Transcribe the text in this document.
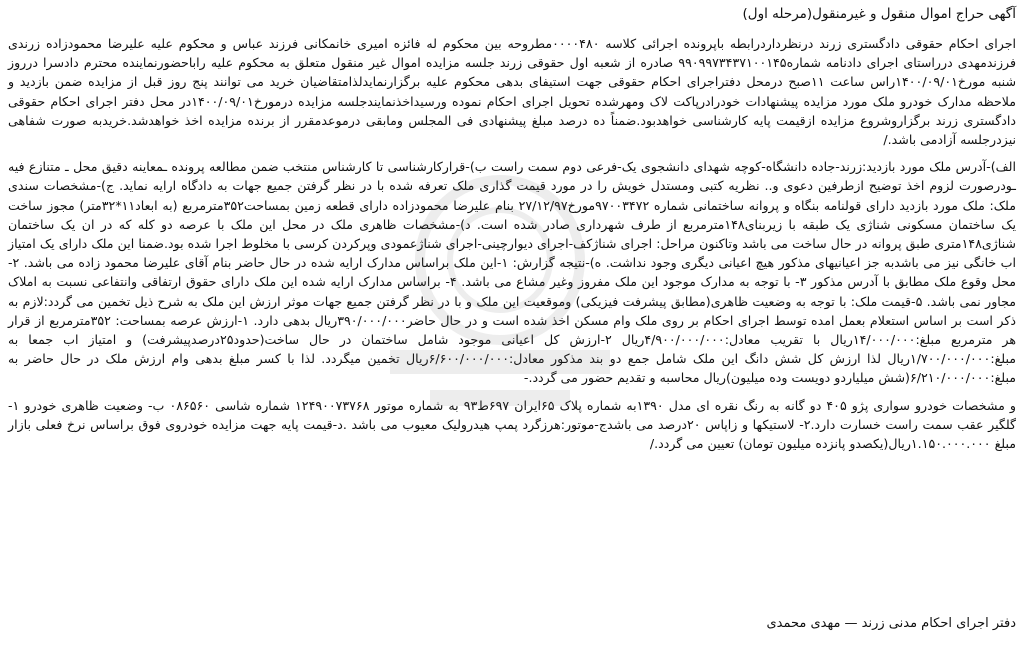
آگهی حراج اموال منقول و غیرمنقول(مرحله اول)

اجرای احکام حقوقی دادگستری زرند درنظرداردرابطه باپرونده اجرائی کلاسه ۰۰۰۰۴۸۰مطروحه بین محکوم له فائزه امیری خانمکانی فرزند عباس و محکوم علیه علیرضا محمودزاده زرندی فرزندمهدی درراستای اجرای دادنامه شماره۹۹۰۹۹۷۳۴۳۷۱۰۰۱۴۵ صادره از شعبه اول حقوقی زرند جلسه مزایده اموال غیر منقول متعلق به محکوم علیه راباحضورنماینده محترم دادسرا درروز شنبه مورخ۱۴۰۰/۰۹/۰۱راس ساعت ۱۱صبح درمحل دفتراجرای احکام حقوقی جهت استیفای بدهی محکوم علیه برگزارنمایدلذامتقاضیان خرید می توانند پنج روز قبل از مزایده ضمن بازدید و ملاحظه مدارک خودرو ملک مورد مزایده پیشنهادات خودرادرپاکت لاک ومهرشده تحویل اجرای احکام نموده ورسیداخذنمایندجلسه مزایده درمورخ۱۴۰۰/۰۹/۰۱در محل دفتر اجرای احکام حقوقی دادگستری زرند برگزاروشروع مزایده ازقیمت پایه کارشناسی خواهدبود.ضمناً ده درصد مبلغ پیشنهادی فی المجلس ومابقی درموعدمقرر از برنده مزایده اخذ خواهدشد.خریدبه صورت شفاهی نیزدرجلسه آزادمی باشد./

الف)-آدرس ملک مورد بازدید:زرند-جاده دانشگاه-کوچه شهدای دانشجوی یک-فرعی دوم سمت راست ب)-قرارکارشناسی تا کارشناس منتخب ضمن مطالعه پرونده ـمعاینه دقیق محل ـ متنازع فیه ـودرصورت لزوم اخذ توضیح ازطرفین دعوی و.. نظریه کتبی ومستدل خویش را در مورد قیمت گذاری ملک تعرفه شده با در نظر گرفتن جمیع جهات به دادگاه ارایه نماید. ج)-مشخصات سندی ملک: ملک مورد بازدید دارای قولنامه بنگاه و پروانه ساختمانی شماره ۹۷۰۰۳۴۷۲مورخ۲۷/۱۲/۹۷ بنام علیرضا محمودزاده دارای قطعه زمین بمساحت۳۵۲مترمربع (به ابعاد۱۱*۳۲متر) مجوز ساخت یک ساختمان مسکونی شناژی یک طبقه با زیربنای۱۴۸مترمربع از طرف شهرداری صادر شده است. د)-مشخصات ظاهری ملک در محل این ملک با عرصه دو کله که در ان یک ساختمان شناژی۱۴۸متری طبق پروانه در حال ساخت می باشد وتاکنون مراحل: اجرای شناژکف-اجرای دیوارچینی-اجرای شناژعمودی وپرکردن کرسی با مخلوط اجرا شده بود.ضمنا این ملک دارای یک امتیاز اب خانگی نیز می باشدبه جز اعیانیهای مذکور هیچ اعیانی دیگری وجود نداشت. ه)-نتیجه گزارش: ۱-این ملک براساس مدارک ارایه شده در حال حاضر بنام آقای علیرضا محمود زاده می باشد. ۲-محل وقوع ملک مطابق با آدرس مذکور ۳- با توجه به مدارک موجود این ملک مفروز وغیر مشاع می باشد. ۴- براساس مدارک ارایه شده این ملک دارای حقوق ارتفاقی وانتفاعی نسبت به املاک مجاور نمی باشد. ۵-قیمت ملک: با توجه به وضعیت ظاهری(مطابق پیشرفت فیزیکی) وموقعیت این ملک و با در نظر گرفتن جمیع جهات موثر ارزش این ملک به شرح ذیل تخمین می گردد:لازم به ذکر است بر اساس استعلام بعمل امده توسط اجرای احکام بر روی ملک وام مسکن اخذ شده است و در حال حاضر۳۹۰/۰۰۰/۰۰۰ریال بدهی دارد. ۱-ارزش عرصه بمساحت: ۳۵۲مترمربع از قرار هر مترمربع مبلغ:۱۴/۰۰۰/۰۰۰ریال با تقریب معادل:۴/۹۰۰/۰۰۰/۰۰۰ریال ۲-ارزش کل اعیانی موجود شامل ساختمان در حال ساخت(حدود۲۵درصدپیشرفت) و امتیاز اب جمعا به مبلغ:۱/۷۰۰/۰۰۰/۰۰۰ریال لذا ارزش کل شش دانگ این ملک شامل جمع دو بند مذکور معادل:۶/۶۰۰/۰۰۰/۰۰۰ریال تخمین میگردد. لذا با کسر مبلغ بدهی وام ارزش ملک در حال حاضر به مبلغ:۶/۲۱۰/۰۰۰/۰۰۰(شش میلیاردو دویست وده میلیون)ریال محاسبه و تقدیم حضور می گردد.-

و مشخصات خودرو سواری پژو ۴۰۵ دو گانه به رنگ نقره ای مدل ۱۳۹۰به شماره پلاک ۶۵ایران ۶۹۷ط۹۳ به شماره موتور ۱۲۴۹۰۰۷۳۷۶۸ شماره شاسی ۰۸۶۵۶۰ ب- وضعیت ظاهری خودرو ۱- گلگیر عقب سمت راست خسارت دارد.۲- لاستیکها و زاپاس ۲۰درصد می باشدج-موتور:هرزگرد پمپ هیدرولیک معیوب می باشد .د-قیمت پایه جهت مزایده خودروی فوق براساس نرخ فعلی بازار مبلغ ۱.۱۵۰.۰۰۰.۰۰۰ریال(یکصدو پانزده میلیون تومان) تعیین می گردد./

دفتر اجرای احکام مدنی زرند — مهدی محمدی
